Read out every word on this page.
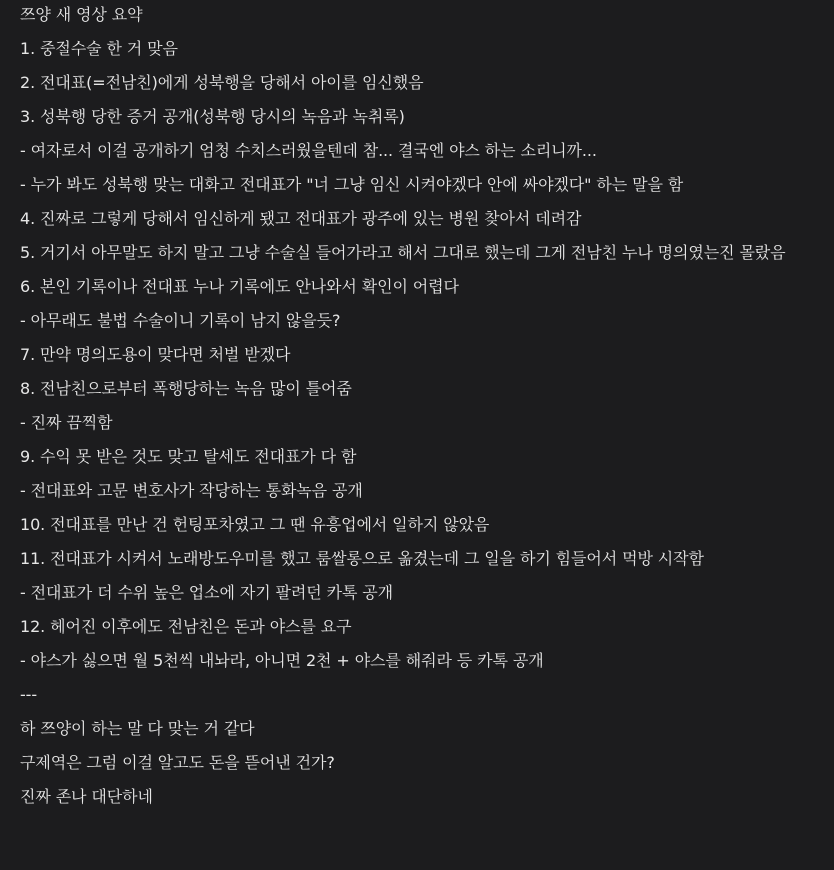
쯔양 새 영상 요약
1. 중절수술 한 거 맞음
2. 전대표(=전남친)에게 성북행을 당해서 아이를 임신했음
3. 성북행 당한 증거 공개(성북행 당시의 녹음과 녹취록)
- 여자로서 이걸 공개하기 엄청 수치스러웠을텐데 참... 결국엔 야스 하는 소리니까...
- 누가 봐도 성북행 맞는 대화고 전대표가 "너 그냥 임신 시켜야겠다 안에 싸야겠다" 하는 말을 함
4. 진짜로 그렇게 당해서 임신하게 됐고 전대표가 광주에 있는 병원 찾아서 데려감
5. 거기서 아무말도 하지 말고 그냥 수술실 들어가라고 해서 그대로 했는데 그게 전남친 누나 명의였는진 몰랐음
6. 본인 기록이나 전대표 누나 기록에도 안나와서 확인이 어렵다
- 아무래도 불법 수술이니 기록이 남지 않을듯?
7. 만약 명의도용이 맞다면 처벌 받겠다
8. 전남친으로부터 폭행당하는 녹음 많이 틀어줌
- 진짜 끔찍함
9. 수익 못 받은 것도 맞고 탈세도 전대표가 다 함
- 전대표와 고문 변호사가 작당하는 통화녹음 공개
10. 전대표를 만난 건 헌팅포차였고 그 땐 유흥업에서 일하지 않았음
11. 전대표가 시켜서 노래방도우미를 했고 룸쌀롱으로 옮겼는데 그 일을 하기 힘들어서 먹방 시작함
- 전대표가 더 수위 높은 업소에 자기 팔려던 카톡 공개
12. 헤어진 이후에도 전남친은 돈과 야스를 요구
- 야스가 싫으면 월 5천씩 내놔라, 아니면 2천 + 야스를 해줘라 등 카톡 공개
---
하 쯔양이 하는 말 다 맞는 거 같다
구제역은 그럼 이걸 알고도 돈을 뜯어낸 건가?
진짜 존나 대단하네
